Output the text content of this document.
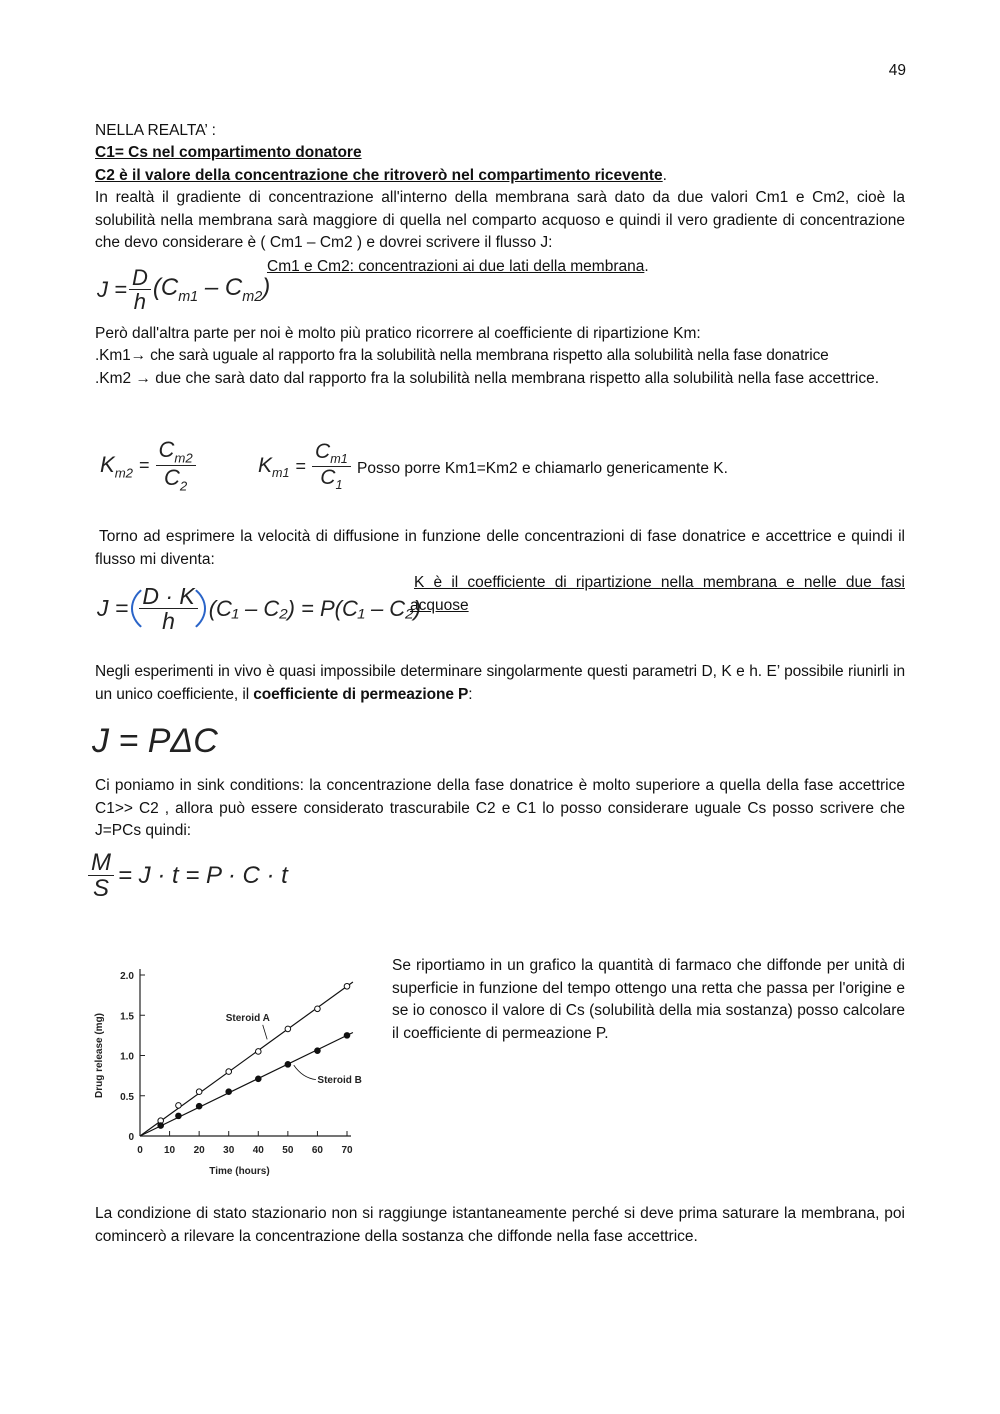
49
NELLA REALTA’ :
C1= Cs nel compartimento donatore
C2 è il valore della concentrazione che ritroverò nel compartimento ricevente.
In realtà il gradiente di concentrazione all'interno della membrana sarà dato da due valori Cm1 e Cm2, cioè la solubilità nella membrana sarà maggiore di quella nel comparto acquoso e quindi il vero gradiente di concentrazione che devo considerare è ( Cm1 – Cm2 ) e dovrei scrivere il flusso J:
$J = \frac{D}{h} (C_{m1} - C_{m2})$
Cm1 e Cm2: concentrazioni ai due lati della membrana.
Però dall'altra parte per noi è molto più pratico ricorrere al coefficiente di ripartizione Km:
.Km1→ che sarà uguale al rapporto fra la solubilità nella membrana rispetto alla solubilità nella fase donatrice
.Km2 → due che sarà dato dal rapporto fra la solubilità nella membrana rispetto alla solubilità nella fase accettrice.
$K_{m2} = \frac{C_{m2}}{C_2}$	$K_{m1} = \frac{C_{m1}}{C_1}$ Posso porre Km1=Km2 e chiamarlo genericamente K.
Torno ad esprimere la velocità di diffusione in funzione delle concentrazioni di fase donatrice e accettrice e quindi il flusso mi diventa:
$J = \frac{D \cdot K}{h} (C_1 - C_2) = P(C_1 - C_2)$
K è il coefficiente di ripartizione nella membrana e nelle due fasi acquose
Negli esperimenti in vivo è quasi impossibile determinare singolarmente questi parametri D, K e h. E’ possibile riunirli in un unico coefficiente, il coefficiente di permeazione P:
J = PΔC
Ci poniamo in sink conditions: la concentrazione della fase donatrice è molto superiore a quella della fase accettrice C1>> C2 , allora può essere considerato trascurabile C2 e C1 lo posso considerare uguale Cs posso scrivere che J=PCs quindi:
$\frac{M}{S} = J \cdot t = P \cdot C \cdot t$
0 10 20 30 40 50 60 70
0
0.5
1.0
1.5
2.0
Time (hours)
Drug release (mg)	Steroid A
Steroid B
Se riportiamo in un grafico la quantità di farmaco che diffonde per unità di superficie in funzione del tempo ottengo una retta che passa per l'origine e se io conosco il valore di Cs (solubilità della mia sostanza) posso calcolare il coefficiente di permeazione P.
La condizione di stato stazionario non si raggiunge istantaneamente perché si deve prima saturare la membrana, poi comincerò a rilevare la concentrazione della sostanza che diffonde nella fase accettrice.
